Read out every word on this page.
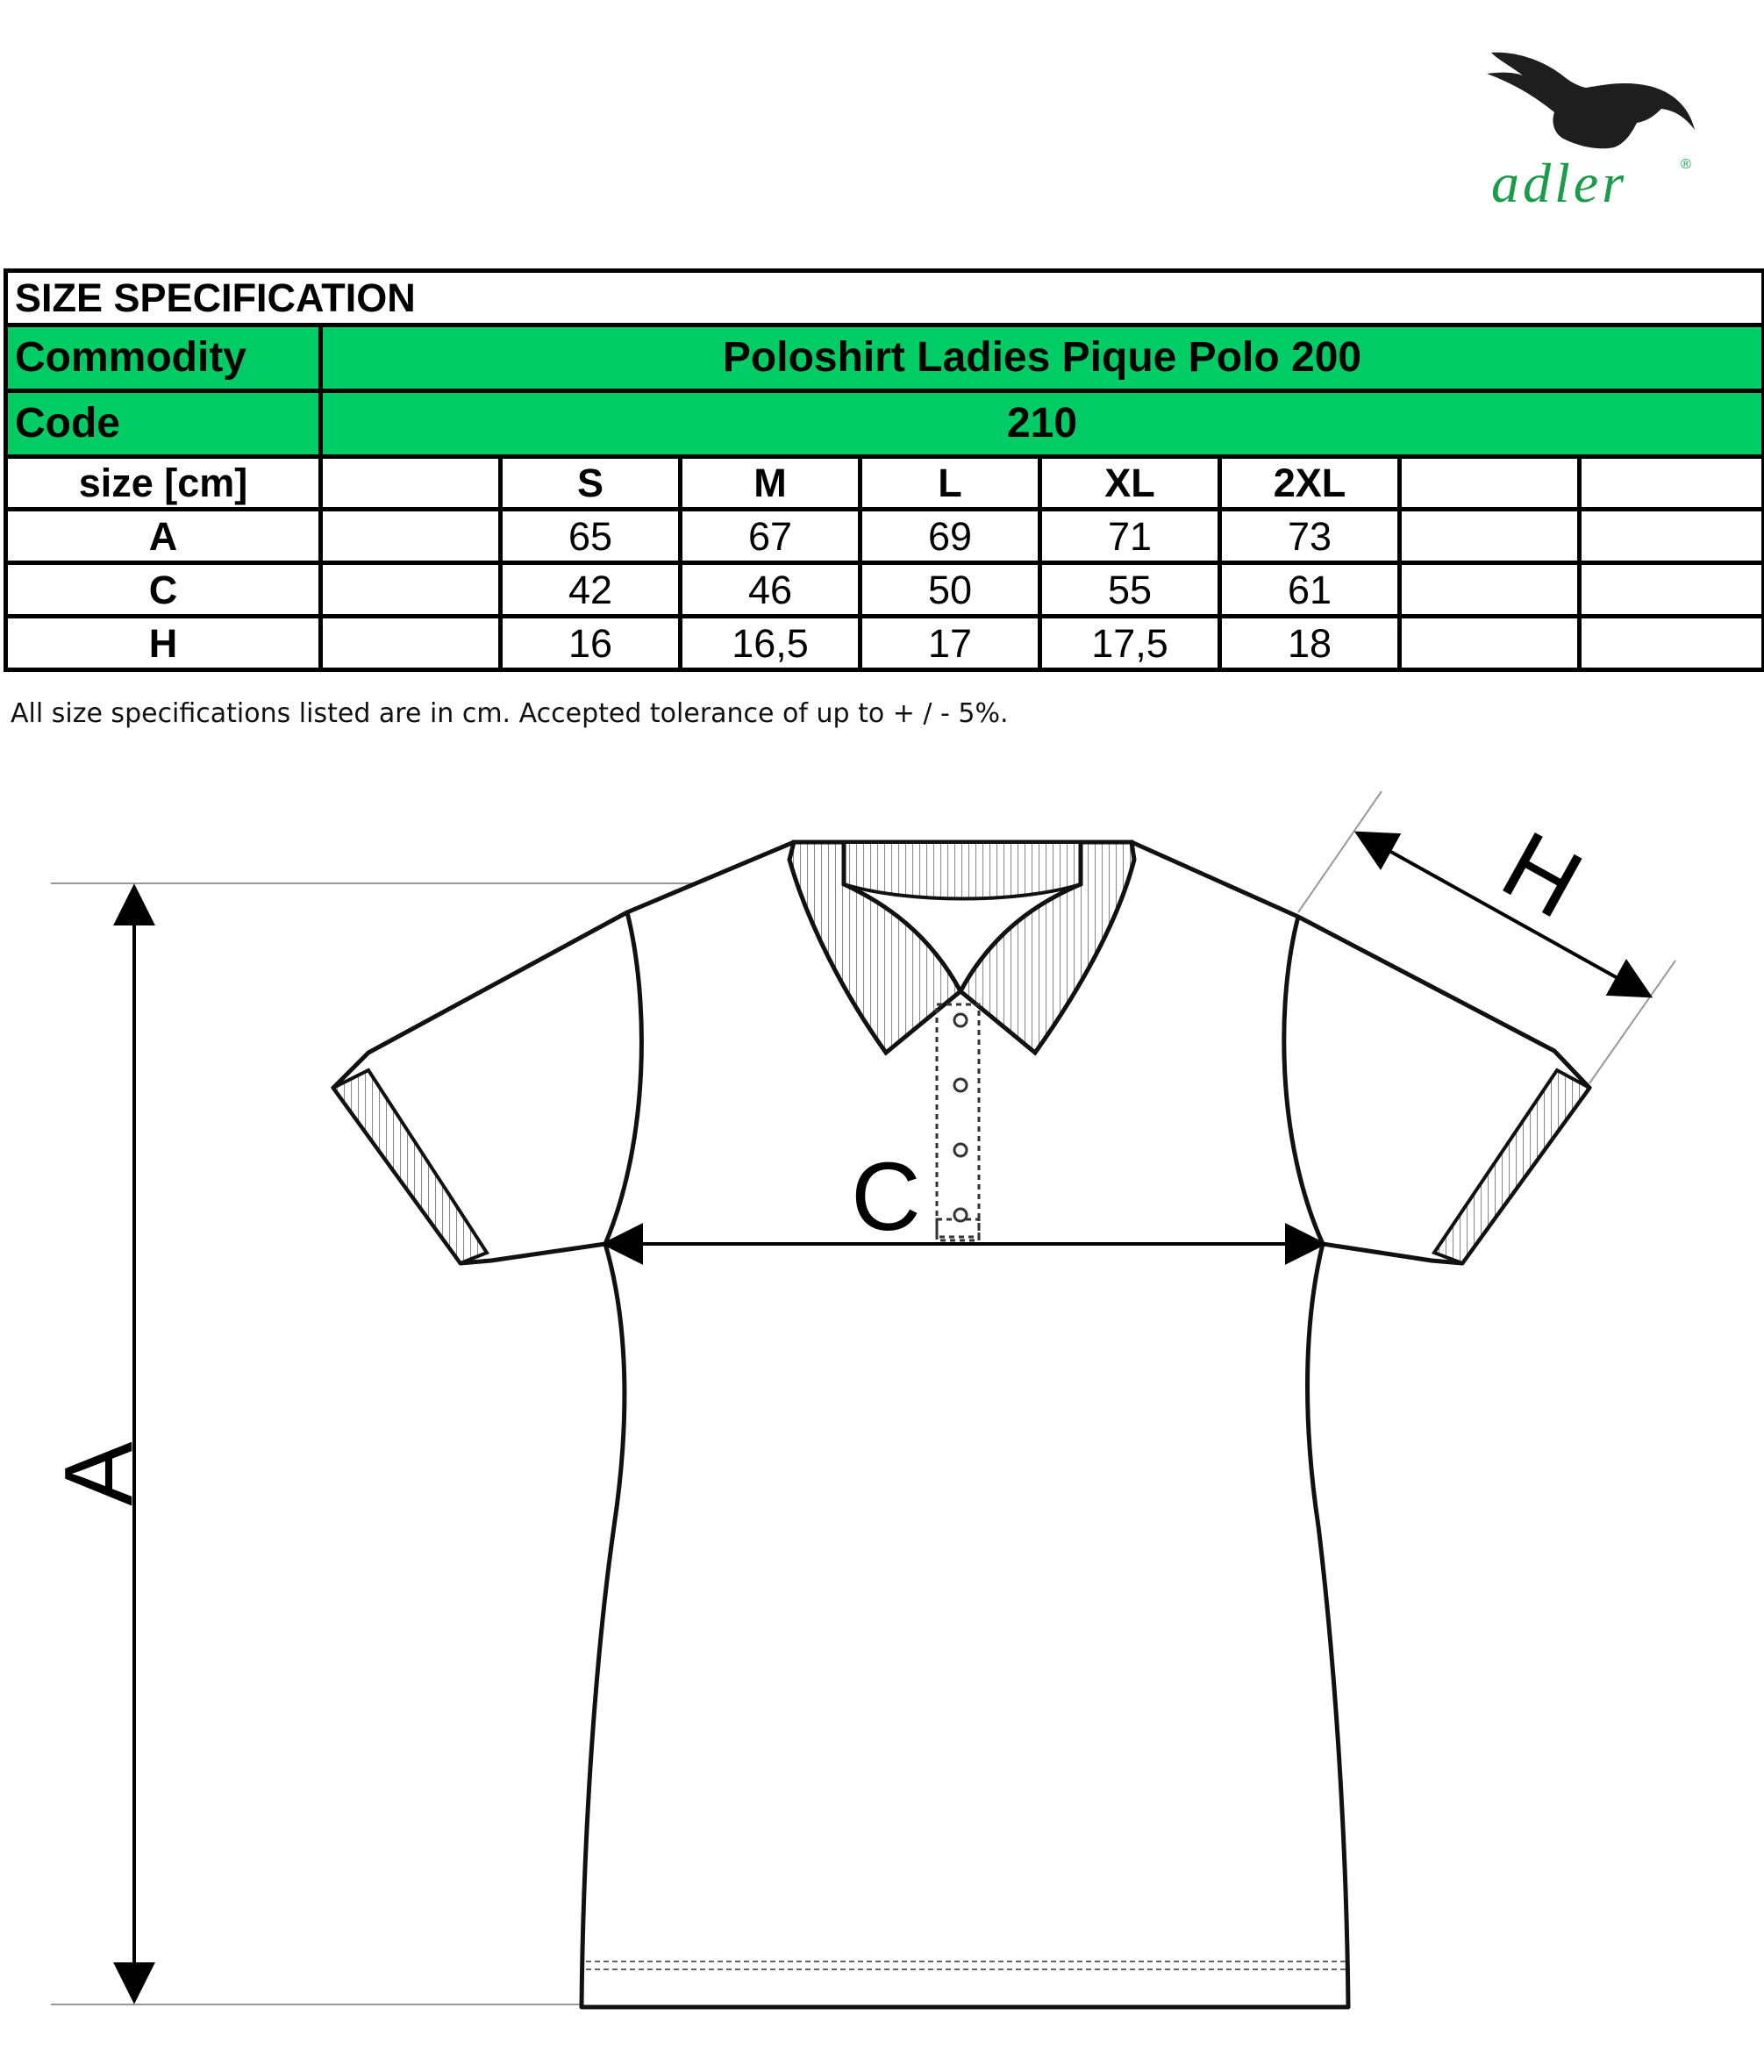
adler	®
SIZE SPECIFICATION								
Commodity	Poloshirt Ladies Pique Polo 200							
Code	210							
size [cm]		S	M	L	XL	2XL		
A		65	67	69	71	73		
C		42	46	50	55	61		
H		16	16,5	17	17,5	18		
All size specifications listed are in cm. Accepted tolerance of up to + / - 5%.
A
C
H
